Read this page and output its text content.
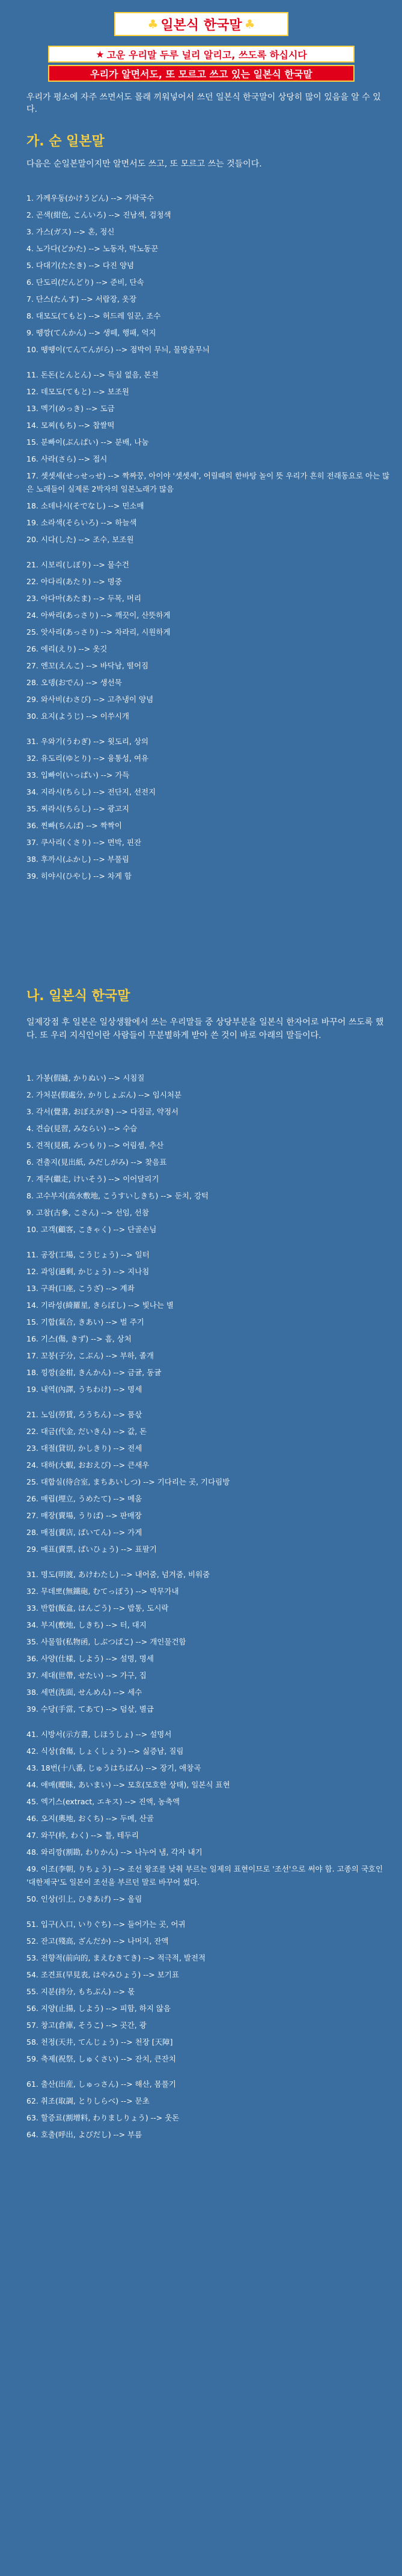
♣ 일본식 한국말 ♣
★ 고운 우리말 두루 널리 알리고, 쓰도록 하십시다
우리가 알면서도, 또 모르고 쓰고 있는 일본식 한국말
우리가 평소에 자주 쓰면서도 몰래 끼워넣어서 쓰던 일본식 한국말이 상당히 많이 있음을 알 수 있다.
가. 순 일본말
다음은 순일본말이지만 알면서도 쓰고, 또 모르고 쓰는 것들이다.
1. 가께우동(かけうどん) --> 가락국수
2. 곤색(紺色, こんいろ) --> 진남색, 검청색
3. 가스(ガス) --> 혼, 정신
4. 노가다(どかた) --> 노동자, 막노동꾼
5. 다대기(たたき) --> 다진 양념
6. 단도리(だんどり) --> 준비, 단속
7. 단스(たんす) --> 서랍장, 옷장
8. 대모도(てもと) --> 허드레 일꾼, 조수
9. 뗑깡(てんかん) --> 생떼, 행패, 억지
10. 뗑뗑이(てんてんがら) --> 점박이 무늬, 물방울무늬
11. 돈돈(とんとん) --> 득실 없음, 본전
12. 데모도(てもと) --> 보조원
13. 멕기(めっき) --> 도금
14. 모찌(もち) --> 찹쌀떡
15. 분빠이(ぶんぱい) --> 분배, 나눔
16. 사라(さら) --> 접시
17. 셋셋세(せっせっせ) --> 짝짜꿍, 아이야 '셋셋세', 어릴때의 한바탕 놀이 뜻 우리가 흔히 전래동요로 아는 많은 노래들이 실제론 2박자의 일본노래가 많음
18. 소데나시(そでなし) --> 민소매
19. 소라색(そらいろ) --> 하늘색
20. 시다(した) --> 조수, 보조원
21. 시보리(しぼり) --> 물수건
22. 아다리(あたり) --> 명중
23. 아다마(あたま) --> 두목, 머리
24. 아싸리(あっさり) --> 깨끗이, 산뜻하게
25. 앗사리(あっさり) --> 차라리, 시원하게
26. 에리(えり) --> 옷깃
27. 엔꼬(えんこ) --> 바닥남, 떨어짐
28. 오뎅(おでん) --> 생선묵
29. 와사비(わさび) --> 고추냉이 양념
30. 요지(ようじ) --> 이쑤시개
31. 우와기(うわぎ) --> 윗도리, 상의
32. 유도리(ゆとり) --> 융통성, 여유
33. 입빠이(いっぱい) --> 가득
34. 지라시(ちらし) --> 전단지, 선전지
35. 찌라시(ちらし) --> 광고지
36. 찐빠(ちんば) --> 짝짝이
37. 쿠사리(くさり) --> 면박, 핀잔
38. 후까시(ふかし) --> 부풀림
39. 히야시(ひやし) --> 차게 함
나. 일본식 한국말
일제강점 후 일본은 일상생활에서 쓰는 우리말들 중 상당부분을 일본식 한자어로 바꾸어 쓰도록 했다. 또 우리 지식인이란 사람들이 무분별하게 받아 쓴 것이 바로 아래의 말들이다.
1. 가봉(假縫, かりぬい) --> 시침질
2. 가처분(假處分, かりしょぶん) --> 임시처분
3. 각서(覺書, おぼえがき) --> 다짐글, 약정서
4. 견습(見習, みならい) --> 수습
5. 견적(見積, みつもり) --> 어림셈, 추산
6. 견출지(見出紙, みだしがみ) --> 찾음표
7. 계주(繼走, けいそう) --> 이어달리기
8. 고수부지(高水敷地, こうすいしきち) --> 둔치, 강턱
9. 고참(古參, こさん) --> 선임, 선참
10. 고객(顧客, こきゃく) --> 단골손님
11. 공장(工場, こうじょう) --> 일터
12. 과잉(過剩, かじょう) --> 지나침
13. 구좌(口座, こうざ) --> 계좌
14. 기라성(綺羅星, きらぼし) --> 빛나는 별
15. 기합(氣合, きあい) --> 벌 주기
16. 기스(傷, きず) --> 흠, 상처
17. 꼬붕(子分, こぶん) --> 부하, 졸개
18. 낑깡(金柑, きんかん) --> 금귤, 동귤
19. 내역(內譯, うちわけ) --> 명세
21. 노임(勞賃, ろうちん) --> 품삯
22. 대금(代金, だいきん) --> 값, 돈
23. 대절(貸切, かしきり) --> 전세
24. 대하(大蝦, おおえび) --> 큰새우
25. 대합실(待合室, まちあいしつ) --> 기다리는 곳, 기다림방
26. 매립(埋立, うめたて) --> 메움
27. 매장(賣場, うりば) --> 판매장
28. 매점(賣店, ばいてん) --> 가게
29. 매표(賣票, ばいひょう) --> 표팔기
31. 명도(明渡, あけわたし) --> 내어줌, 넘겨줌, 비워줌
32. 무데뽀(無鐵砲, むてっぽう) --> 막무가내
33. 반합(飯盒, はんごう) --> 밥통, 도시락
34. 부지(敷地, しきち) --> 터, 대지
35. 사물함(私物函, しぶつばこ) --> 개인물건함
36. 사양(仕樣, しよう) --> 설명, 명세
37. 세대(世帶, せたい) --> 가구, 집
38. 세면(洗面, せんめん) --> 세수
39. 수당(手當, てあて) --> 덤삯, 별급
41. 시방서(示方書, しほうしょ) --> 설명서
42. 식상(食傷, しょくしょう) --> 싫증남, 질림
43. 18번(十八番, じゅうはちばん) --> 장기, 애창곡
44. 애매(曖昧, あいまい) --> 모호(모호한 상태), 일본식 표현
45. 엑기스(extract, エキス) --> 진액, 농축액
46. 오지(奧地, おくち) --> 두메, 산골
47. 와꾸(枠, わく) --> 틀, 테두리
48. 와리깡(割勘, わりかん) --> 나누어 냄, 각자 내기
49. 이조(李朝, りちょう) --> 조선 왕조를 낮춰 부르는 일제의 표현이므로 '조선'으로 써야 함. 고종의 국호인 '대한제국'도 일본이 조선을 부르던 말로 바꾸어 썼다.
50. 인상(引上, ひきあげ) --> 올림
51. 입구(入口, いりぐち) --> 들어가는 곳, 어귀
52. 잔고(殘高, ざんだか) --> 나머지, 잔액
53. 전향적(前向的, まえむきてき) --> 적극적, 발전적
54. 조견표(早見表, はやみひょう) --> 보기표
55. 지분(持分, もちぶん) --> 몫
56. 지양(止揚, しよう) --> 피함, 하지 않음
57. 창고(倉庫, そうこ) --> 곳간, 광
58. 천정(天井, てんじょう) --> 천장 [天障]
59. 축제(祝祭, しゅくさい) --> 잔치, 큰잔치
61. 출산(出産, しゅっさん) --> 해산, 몸풀기
62. 취조(取調, とりしらべ) --> 문초
63. 할증료(割增料, わりましりょう) --> 웃돈
64. 호출(呼出, よびだし) --> 부름
